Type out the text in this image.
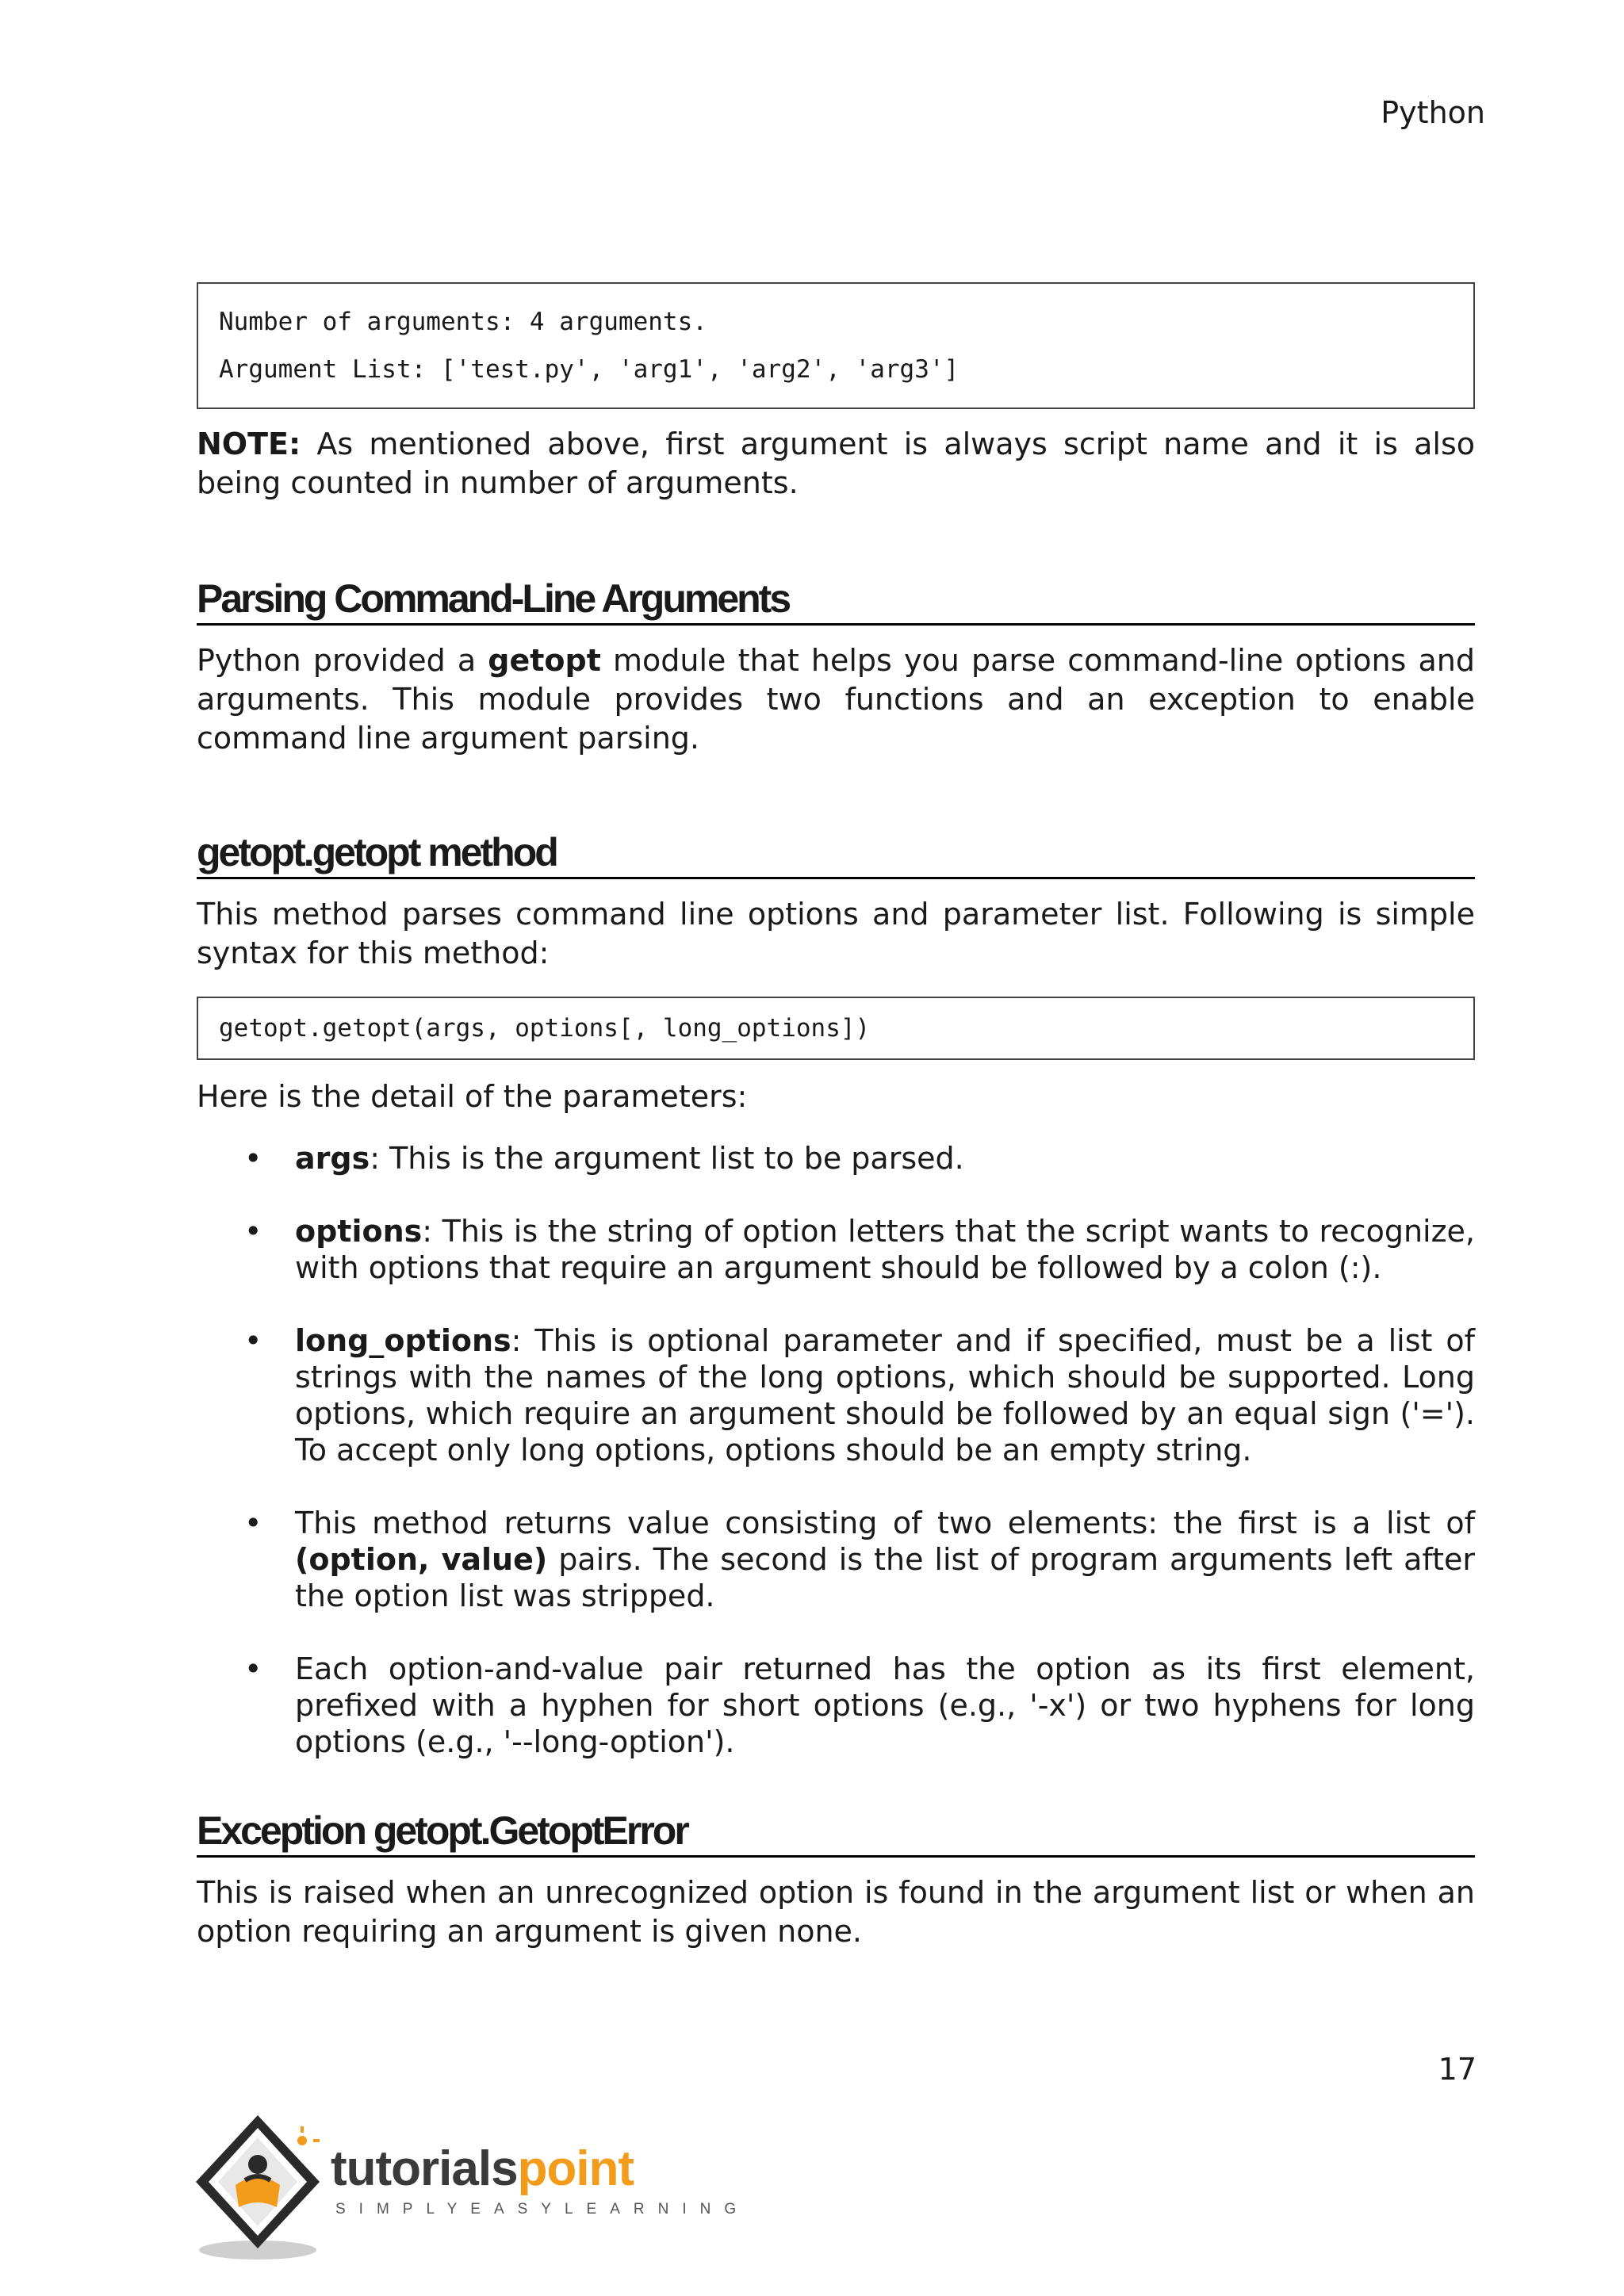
Python
Number of arguments: 4 arguments.
Argument List: ['test.py', 'arg1', 'arg2', 'arg3']

NOTE: As mentioned above, first argument is always script name and it is also being counted in number of arguments.

Parsing Command-Line Arguments

Python provided a getopt module that helps you parse command-line options and arguments. This module provides two functions and an exception to enable command line argument parsing.

getopt.getopt method

This method parses command line options and parameter list. Following is simple syntax for this method:

getopt.getopt(args, options[, long_options])

Here is the detail of the parameters:

• args: This is the argument list to be parsed.
• options: This is the string of option letters that the script wants to recognize, with options that require an argument should be followed by a colon (:).
• long_options: This is optional parameter and if specified, must be a list of strings with the names of the long options, which should be supported. Long options, which require an argument should be followed by an equal sign ('='). To accept only long options, options should be an empty string.
• This method returns value consisting of two elements: the first is a list of (option, value) pairs. The second is the list of program arguments left after the option list was stripped.
• Each option-and-value pair returned has the option as its first element, prefixed with a hyphen for short options (e.g., '-x') or two hyphens for long options (e.g., '--long-option').
Exception getopt.GetoptError

This is raised when an unrecognized option is found in the argument list or when an option requiring an argument is given none.

17
tutorialspoint
SIMPLYEASYLEARNING
